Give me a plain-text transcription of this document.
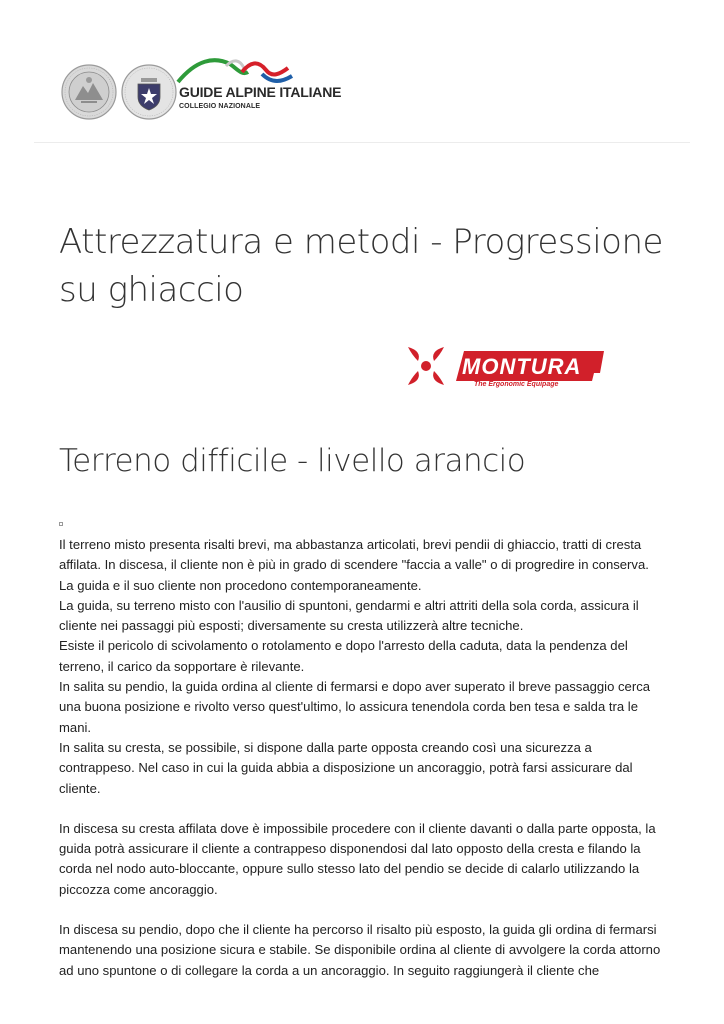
GUIDE ALPINE ITALIANE
COLLEGIO NAZIONALE
Attrezzatura e metodi - Progressione su ghiaccio
MONTURA
The Ergonomic Equipage
Terreno difficile - livello arancio

Il terreno misto presenta risalti brevi, ma abbastanza articolati, brevi pendii di ghiaccio, tratti di cresta affilata. In discesa, il cliente non è più in grado di scendere "faccia a valle" o di progredire in conserva.

La guida e il suo cliente non procedono contemporaneamente.

La guida, su terreno misto con l'ausilio di spuntoni, gendarmi e altri attriti della sola corda, assicura il cliente nei passaggi più esposti; diversamente su cresta utilizzerà altre tecniche.

Esiste il pericolo di scivolamento o rotolamento e dopo l'arresto della caduta, data la pendenza del terreno, il carico da sopportare è rilevante.

In salita su pendio, la guida ordina al cliente di fermarsi e dopo aver superato il breve passaggio cerca una buona posizione e rivolto verso quest'ultimo, lo assicura tenendola corda ben tesa e salda tra le mani.

In salita su cresta, se possibile, si dispone dalla parte opposta creando così una sicurezza a contrappeso. Nel caso in cui la guida abbia a disposizione un ancoraggio, potrà farsi assicurare dal cliente.

In discesa su cresta affilata dove è impossibile procedere con il cliente davanti o dalla parte opposta, la guida potrà assicurare il cliente a contrappeso disponendosi dal lato opposto della cresta e filando la corda nel nodo auto-bloccante, oppure sullo stesso lato del pendio se decide di calarlo utilizzando la piccozza come ancoraggio.

In discesa su pendio, dopo che il cliente ha percorso il risalto più esposto, la guida gli ordina di fermarsi mantenendo una posizione sicura e stabile. Se disponibile ordina al cliente di avvolgere la corda attorno ad uno spuntone o di collegare la corda a un ancoraggio. In seguito raggiungerà il cliente che
